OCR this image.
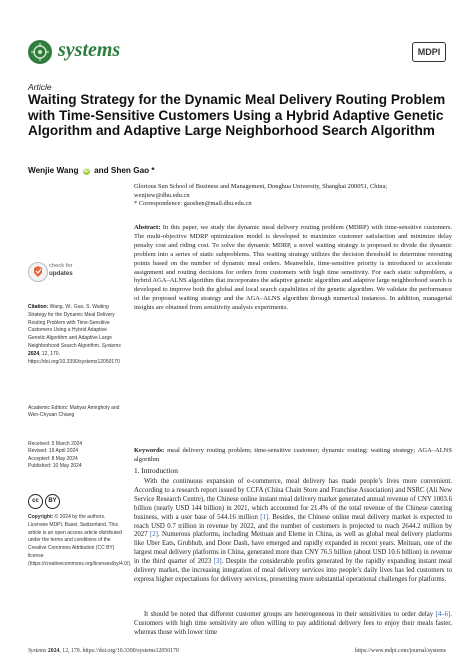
systems	MDPI
Article
Waiting Strategy for the Dynamic Meal Delivery Routing Problem with Time-Sensitive Customers Using a Hybrid Adaptive Genetic Algorithm and Adaptive Large Neighborhood Search Algorithm
Wenjie Wang iD and Shen Gao *
Glorious Sun School of Business and Management, Donghua University, Shanghai 200051, China;
wenjiew@dhu.edu.cn
* Correspondence: gaoshen@mail.dhu.edu.cn

Abstract: In this paper, we study the dynamic meal delivery routing problem (MDRP) with time-sensitive customers. The multi-objective MDRP optimization model is developed to maximize customer satisfaction and minimize delay penalty cost and riding cost. To solve the dynamic MDRP, a novel waiting strategy is proposed to divide the dynamic problem into a series of static subproblems. This waiting strategy utilizes the decision threshold to determine rerouting points based on the number of dynamic meal orders. Meanwhile, time-sensitive priority is introduced to accelerate assignment and routing decisions for orders from customers with high time sensitivity. For each static subproblem, a hybrid AGA–ALNS algorithm that incorporates the adaptive genetic algorithm and adaptive large neighborhood search is developed to improve both the global and local search capabilities of the genetic algorithm. We validate the performance of the proposed waiting strategy and the AGA–ALNS algorithm through numerical instances. In addition, managerial insights are obtained from sensitivity analysis experiments.

Keywords: meal delivery routing problem; time-sensitive customer; dynamic routing; waiting strategy; AGA–ALNS algorithm

check for
updates
Citation: Wang, W.; Gao, S. Waiting Strategy for the Dynamic Meal Delivery Routing Problem with Time-Sensitive Customers Using a Hybrid Adaptive Genetic Algorithm and Adaptive Large Neighborhood Search Algorithm. Systems 2024, 12, 170. https://doi.org/10.3390/systems12050170
Academic Editors: Mahyar Amirgholy and Wen-Chyuan Chiang
Received: 5 March 2024
Revised: 19 April 2024
Accepted: 8 May 2024
Published: 10 May 2024
cc	BY
Copyright: © 2024 by the authors. Licensee MDPI, Basel, Switzerland. This article is an open access article distributed under the terms and conditions of the Creative Commons Attribution (CC BY) license (https://creativecommons.org/licenses/by/4.0/).
1. Introduction

With the continuous expansion of e-commerce, meal delivery has made people’s lives more convenient. According to a research report issued by CCFA (China Chain Store and Franchise Association) and NSRC (Ali New Service Research Centre), the Chinese online instant meal delivery market generated annual revenue of CNY 1003.6 billion (nearly USD 144 billion) in 2021, which accounted for 21.4% of the total revenue of the Chinese catering business, with a user base of 544.16 million [1]. Besides, the Chinese online meal delivery market is expected to reach USD 0.7 trillion in revenue by 2022, and the number of customers is projected to reach 2644.2 million by 2027 [2]. Numerous platforms, including Meituan and Eleme in China, as well as global meal delivery platforms like Uber Eats, Grubhub, and Door Dash, have emerged and rapidly expanded in recent years. Meituan, one of the largest meal delivery platforms in China, generated more than CNY 76.5 billion (about USD 10.6 billion) in revenue in the third quarter of 2023 [3]. Despite the considerable profits generated by the rapidly expanding instant meal delivery market, the increasing integration of meal delivery services into people’s daily lives has led customers to express higher expectations for delivery services, presenting more substantial operational challenges for platforms.

It should be noted that different customer groups are heterogeneous in their sensitivities to order delay [4–6]. Customers with high time sensitivity are often willing to pay additional delivery fees to enjoy their meals faster, whereas those with lower time

Systems 2024, 12, 170. https://doi.org/10.3390/systems12050170	https://www.mdpi.com/journal/systems
